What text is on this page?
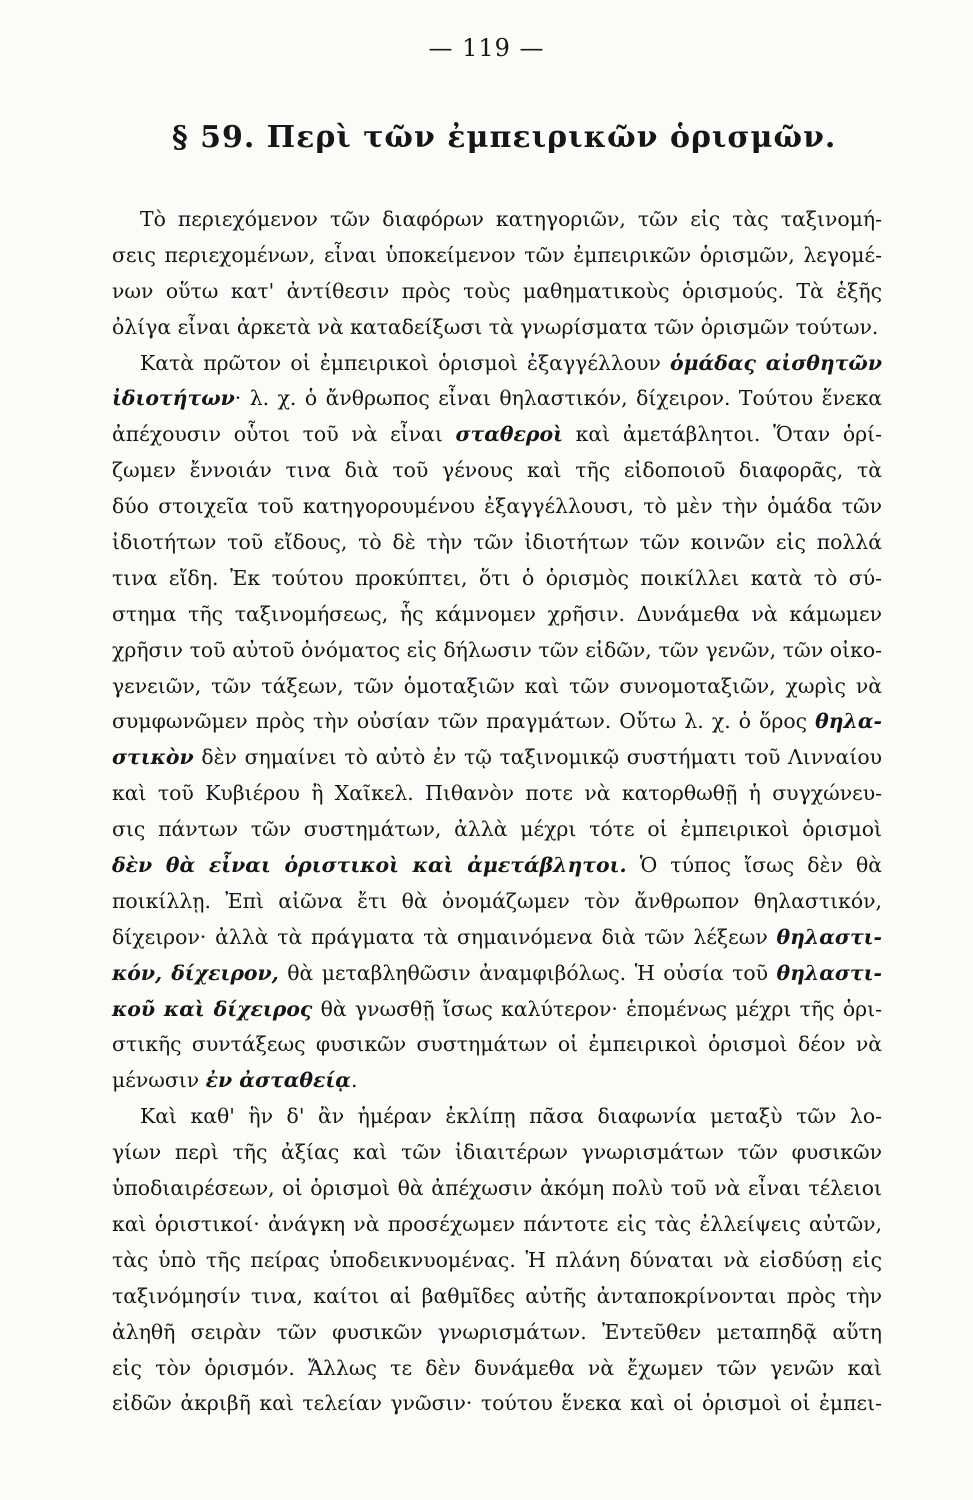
— 119 —
§ 59. Περὶ τῶν ἐμπειρικῶν ὁρισμῶν.
Τὸ περιεχόμενον τῶν διαφόρων κατηγοριῶν, τῶν εἰς τὰς ταξινομή-
σεις περιεχομένων, εἶναι ὑποκείμενον τῶν ἐμπειρικῶν ὁρισμῶν, λεγομέ-
νων οὕτω κατ' ἀντίθεσιν πρὸς τοὺς μαθηματικοὺς ὁρισμούς. Τὰ ἑξῆς
ὀλίγα εἶναι ἀρκετὰ νὰ καταδείξωσι τὰ γνωρίσματα τῶν ὁρισμῶν τούτων.
Κατὰ πρῶτον οἱ ἐμπειρικοὶ ὁρισμοὶ ἐξαγγέλλουν ὁμάδας αἰσθητῶν
ἰδιοτήτων· λ. χ. ὁ ἄνθρωπος εἶναι θηλαστικόν, δίχειρον. Τούτου ἕνεκα
ἀπέχουσιν οὗτοι τοῦ νὰ εἶναι σταθεροὶ καὶ ἀμετάβλητοι. Ὅταν ὁρί-
ζωμεν ἔννοιάν τινα διὰ τοῦ γένους καὶ τῆς εἰδοποιοῦ διαφορᾶς, τὰ
δύο στοιχεῖα τοῦ κατηγορουμένου ἐξαγγέλλουσι, τὸ μὲν τὴν ὁμάδα τῶν
ἰδιοτήτων τοῦ εἴδους, τὸ δὲ τὴν τῶν ἰδιοτήτων τῶν κοινῶν εἰς πολλά
τινα εἴδη. Ἐκ τούτου προκύπτει, ὅτι ὁ ὁρισμὸς ποικίλλει κατὰ τὸ σύ-
στημα τῆς ταξινομήσεως, ἧς κάμνομεν χρῆσιν. Δυνάμεθα νὰ κάμωμεν
χρῆσιν τοῦ αὐτοῦ ὀνόματος εἰς δήλωσιν τῶν εἰδῶν, τῶν γενῶν, τῶν οἰκο-
γενειῶν, τῶν τάξεων, τῶν ὁμοταξιῶν καὶ τῶν συνομοταξιῶν, χωρὶς νὰ
συμφωνῶμεν πρὸς τὴν οὐσίαν τῶν πραγμάτων. Οὕτω λ. χ. ὁ ὅρος θηλα-
στικὸν δὲν σημαίνει τὸ αὐτὸ ἐν τῷ ταξινομικῷ συστήματι τοῦ Λινναίου
καὶ τοῦ Κυβιέρου ἢ Χαῖκελ. Πιθανὸν ποτε νὰ κατορθωθῇ ἡ συγχώνευ-
σις πάντων τῶν συστημάτων, ἀλλὰ μέχρι τότε οἱ ἐμπειρικοὶ ὁρισμοὶ
δὲν θὰ εἶναι ὁριστικοὶ καὶ ἀμετάβλητοι. Ὁ τύπος ἴσως δὲν θὰ
ποικίλλῃ. Ἐπὶ αἰῶνα ἔτι θὰ ὀνομάζωμεν τὸν ἄνθρωπον θηλαστικόν,
δίχειρον· ἀλλὰ τὰ πράγματα τὰ σημαινόμενα διὰ τῶν λέξεων θηλαστι-
κόν, δίχειρον, θὰ μεταβληθῶσιν ἀναμφιβόλως. Ἡ οὐσία τοῦ θηλαστι-
κοῦ καὶ δίχειρος θὰ γνωσθῇ ἴσως καλύτερον· ἑπομένως μέχρι τῆς ὁρι-
στικῆς συντάξεως φυσικῶν συστημάτων οἱ ἐμπειρικοὶ ὁρισμοὶ δέον νὰ
μένωσιν ἐν ἀσταθείᾳ.
Καὶ καθ' ἣν δ' ἂν ἡμέραν ἐκλίπῃ πᾶσα διαφωνία μεταξὺ τῶν λο-
γίων περὶ τῆς ἀξίας καὶ τῶν ἰδιαιτέρων γνωρισμάτων τῶν φυσικῶν
ὑποδιαιρέσεων, οἱ ὁρισμοὶ θὰ ἀπέχωσιν ἀκόμη πολὺ τοῦ νὰ εἶναι τέλειοι
καὶ ὁριστικοί· ἀνάγκη νὰ προσέχωμεν πάντοτε εἰς τὰς ἐλλείψεις αὐτῶν,
τὰς ὑπὸ τῆς πείρας ὑποδεικνυομένας. Ἡ πλάνη δύναται νὰ εἰσδύσῃ εἰς
ταξινόμησίν τινα, καίτοι αἱ βαθμῖδες αὐτῆς ἀνταποκρίνονται πρὸς τὴν
ἀληθῆ σειρὰν τῶν φυσικῶν γνωρισμάτων. Ἐντεῦθεν μεταπηδᾷ αὕτη
εἰς τὸν ὁρισμόν. Ἄλλως τε δὲν δυνάμεθα νὰ ἔχωμεν τῶν γενῶν καὶ
εἰδῶν ἀκριβῆ καὶ τελείαν γνῶσιν· τούτου ἕνεκα καὶ οἱ ὁρισμοὶ οἱ ἐμπει-
